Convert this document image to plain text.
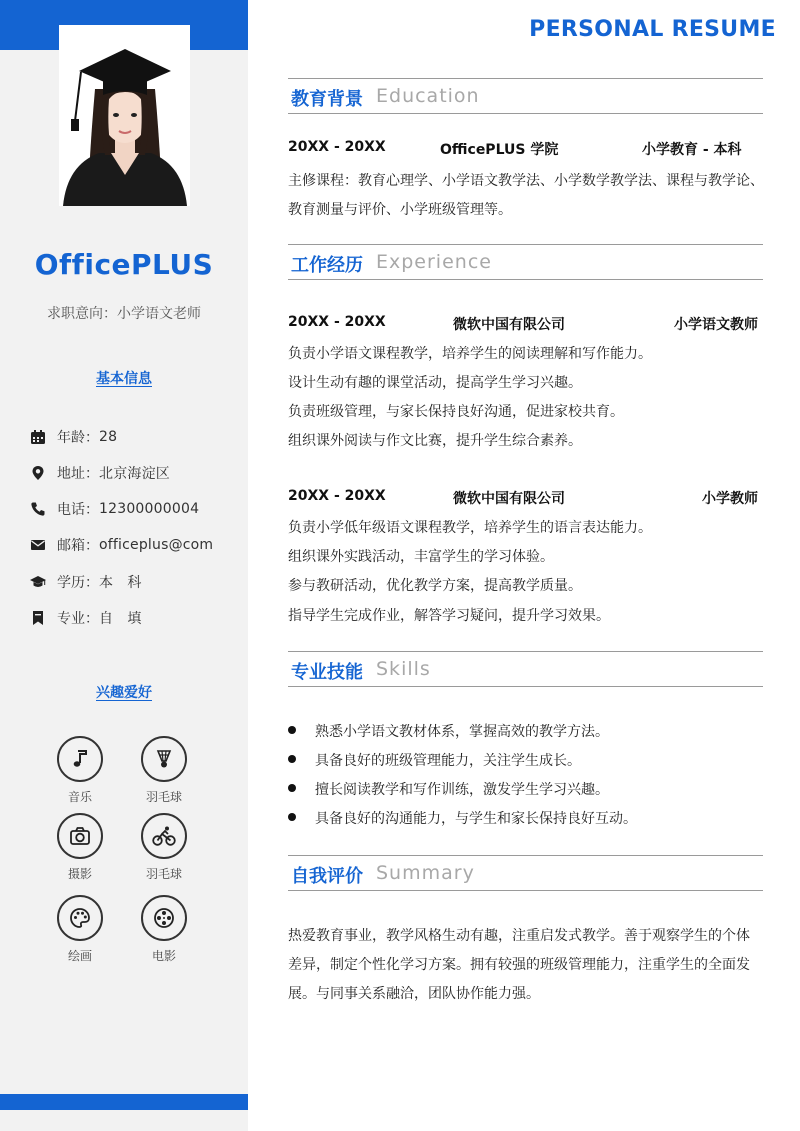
OfficePLUS
求职意向：小学语文老师
基本信息
年龄： 28
地址： 北京海淀区
电话： 12300000004
邮箱： officeplus@com
学历： 本　科
专业： 自　填
兴趣爱好
音乐	羽毛球
摄影	羽毛球
绘画	电影
PERSONAL RESUME
教育背景 Education
20XX - 20XX	OfficePLUS 学院	小学教育 - 本科
主修课程：教育心理学、小学语文教学法、小学数学教学法、课程与教学论、
教育测量与评价、小学班级管理等。
工作经历 Experience
20XX - 20XX	微软中国有限公司	小学语文教师
负责小学语文课程教学，培养学生的阅读理解和写作能力。
设计生动有趣的课堂活动，提高学生学习兴趣。
负责班级管理，与家长保持良好沟通，促进家校共育。
组织课外阅读与作文比赛，提升学生综合素养。
20XX - 20XX	微软中国有限公司	小学教师
负责小学低年级语文课程教学，培养学生的语言表达能力。
组织课外实践活动，丰富学生的学习体验。
参与教研活动，优化教学方案，提高教学质量。
指导学生完成作业，解答学习疑问，提升学习效果。
专业技能 Skills
熟悉小学语文教材体系，掌握高效的教学方法。
具备良好的班级管理能力，关注学生成长。
擅长阅读教学和写作训练，激发学生学习兴趣。
具备良好的沟通能力，与学生和家长保持良好互动。
自我评价 Summary
热爱教育事业，教学风格生动有趣，注重启发式教学。善于观察学生的个体
差异，制定个性化学习方案。拥有较强的班级管理能力，注重学生的全面发
展。与同事关系融洽，团队协作能力强。
